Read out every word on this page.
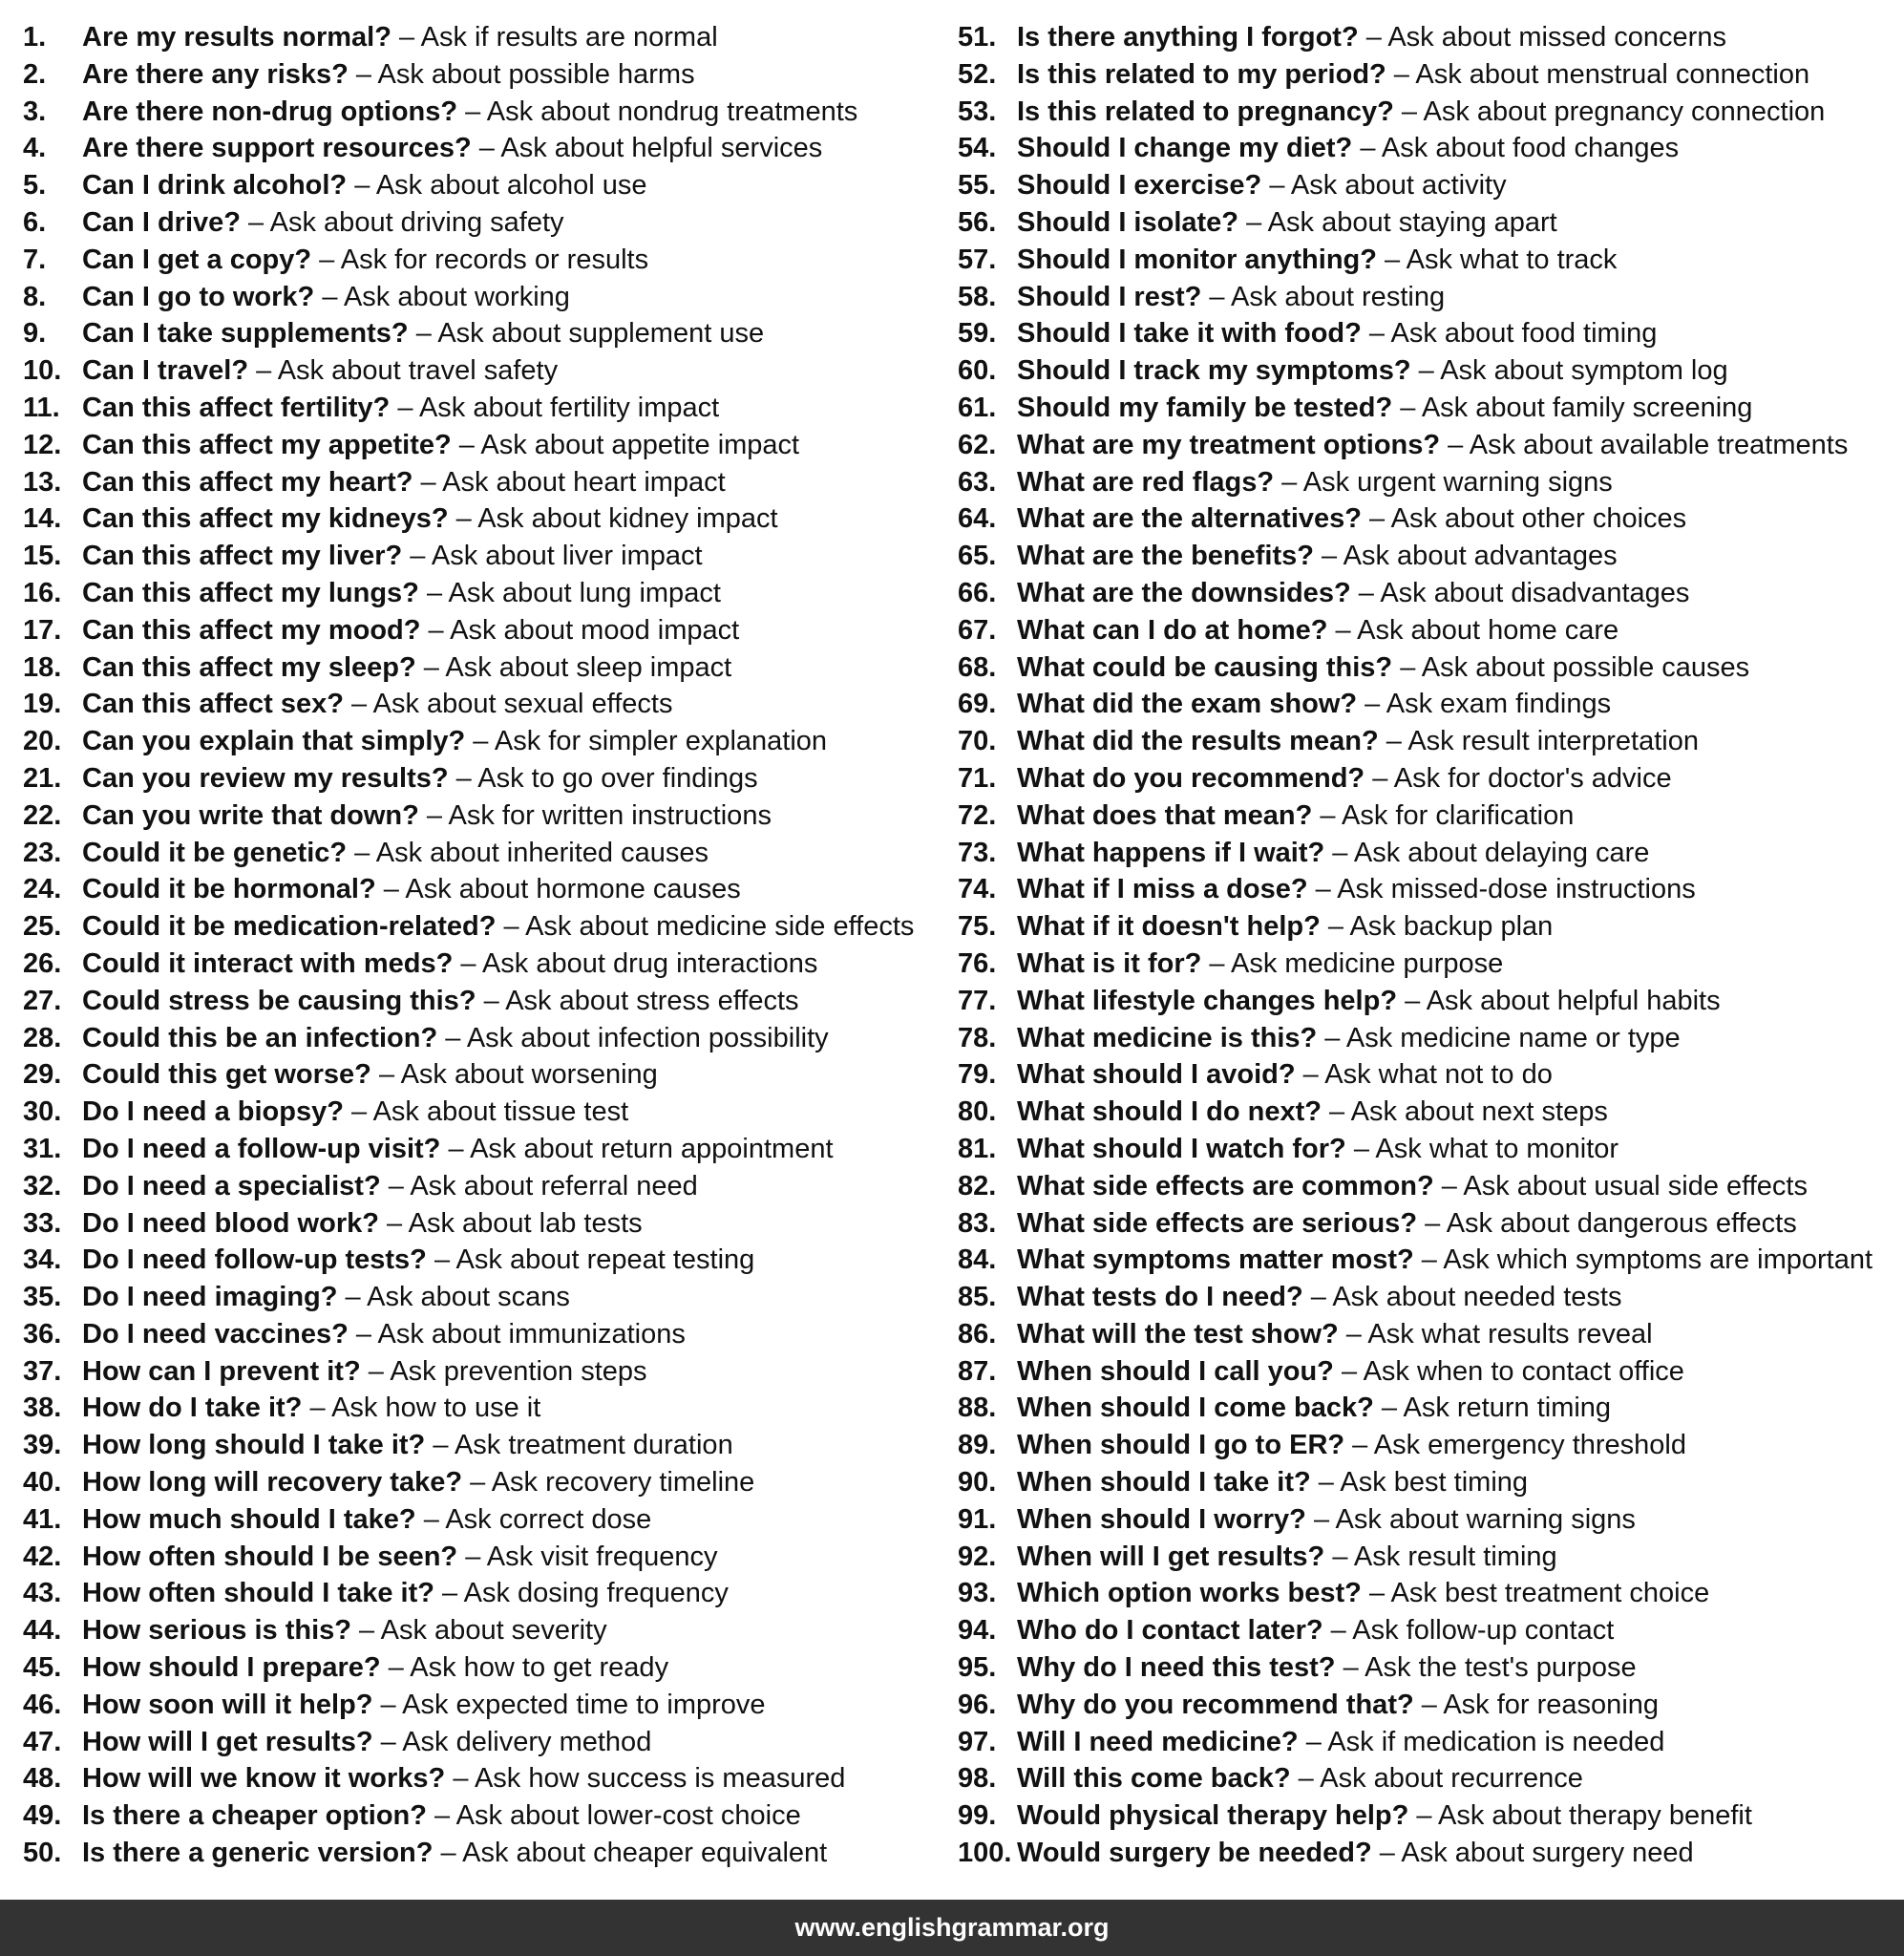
1. Are my results normal? – Ask if results are normal
2. Are there any risks? – Ask about possible harms
3. Are there non-drug options? – Ask about nondrug treatments
4. Are there support resources? – Ask about helpful services
5. Can I drink alcohol? – Ask about alcohol use
6. Can I drive? – Ask about driving safety
7. Can I get a copy? – Ask for records or results
8. Can I go to work? – Ask about working
9. Can I take supplements? – Ask about supplement use
10. Can I travel? – Ask about travel safety
11. Can this affect fertility? – Ask about fertility impact
12. Can this affect my appetite? – Ask about appetite impact
13. Can this affect my heart? – Ask about heart impact
14. Can this affect my kidneys? – Ask about kidney impact
15. Can this affect my liver? – Ask about liver impact
16. Can this affect my lungs? – Ask about lung impact
17. Can this affect my mood? – Ask about mood impact
18. Can this affect my sleep? – Ask about sleep impact
19. Can this affect sex? – Ask about sexual effects
20. Can you explain that simply? – Ask for simpler explanation
21. Can you review my results? – Ask to go over findings
22. Can you write that down? – Ask for written instructions
23. Could it be genetic? – Ask about inherited causes
24. Could it be hormonal? – Ask about hormone causes
25. Could it be medication-related? – Ask about medicine side effects
26. Could it interact with meds? – Ask about drug interactions
27. Could stress be causing this? – Ask about stress effects
28. Could this be an infection? – Ask about infection possibility
29. Could this get worse? – Ask about worsening
30. Do I need a biopsy? – Ask about tissue test
31. Do I need a follow-up visit? – Ask about return appointment
32. Do I need a specialist? – Ask about referral need
33. Do I need blood work? – Ask about lab tests
34. Do I need follow-up tests? – Ask about repeat testing
35. Do I need imaging? – Ask about scans
36. Do I need vaccines? – Ask about immunizations
37. How can I prevent it? – Ask prevention steps
38. How do I take it? – Ask how to use it
39. How long should I take it? – Ask treatment duration
40. How long will recovery take? – Ask recovery timeline
41. How much should I take? – Ask correct dose
42. How often should I be seen? – Ask visit frequency
43. How often should I take it? – Ask dosing frequency
44. How serious is this? – Ask about severity
45. How should I prepare? – Ask how to get ready
46. How soon will it help? – Ask expected time to improve
47. How will I get results? – Ask delivery method
48. How will we know it works? – Ask how success is measured
49. Is there a cheaper option? – Ask about lower-cost choice
50. Is there a generic version? – Ask about cheaper equivalent
51. Is there anything I forgot? – Ask about missed concerns
52. Is this related to my period? – Ask about menstrual connection
53. Is this related to pregnancy? – Ask about pregnancy connection
54. Should I change my diet? – Ask about food changes
55. Should I exercise? – Ask about activity
56. Should I isolate? – Ask about staying apart
57. Should I monitor anything? – Ask what to track
58. Should I rest? – Ask about resting
59. Should I take it with food? – Ask about food timing
60. Should I track my symptoms? – Ask about symptom log
61. Should my family be tested? – Ask about family screening
62. What are my treatment options? – Ask about available treatments
63. What are red flags? – Ask urgent warning signs
64. What are the alternatives? – Ask about other choices
65. What are the benefits? – Ask about advantages
66. What are the downsides? – Ask about disadvantages
67. What can I do at home? – Ask about home care
68. What could be causing this? – Ask about possible causes
69. What did the exam show? – Ask exam findings
70. What did the results mean? – Ask result interpretation
71. What do you recommend? – Ask for doctor's advice
72. What does that mean? – Ask for clarification
73. What happens if I wait? – Ask about delaying care
74. What if I miss a dose? – Ask missed-dose instructions
75. What if it doesn't help? – Ask backup plan
76. What is it for? – Ask medicine purpose
77. What lifestyle changes help? – Ask about helpful habits
78. What medicine is this? – Ask medicine name or type
79. What should I avoid? – Ask what not to do
80. What should I do next? – Ask about next steps
81. What should I watch for? – Ask what to monitor
82. What side effects are common? – Ask about usual side effects
83. What side effects are serious? – Ask about dangerous effects
84. What symptoms matter most? – Ask which symptoms are important
85. What tests do I need? – Ask about needed tests
86. What will the test show? – Ask what results reveal
87. When should I call you? – Ask when to contact office
88. When should I come back? – Ask return timing
89. When should I go to ER? – Ask emergency threshold
90. When should I take it? – Ask best timing
91. When should I worry? – Ask about warning signs
92. When will I get results? – Ask result timing
93. Which option works best? – Ask best treatment choice
94. Who do I contact later? – Ask follow-up contact
95. Why do I need this test? – Ask the test's purpose
96. Why do you recommend that? – Ask for reasoning
97. Will I need medicine? – Ask if medication is needed
98. Will this come back? – Ask about recurrence
99. Would physical therapy help? – Ask about therapy benefit
100. Would surgery be needed? – Ask about surgery need
www.englishgrammar.org
